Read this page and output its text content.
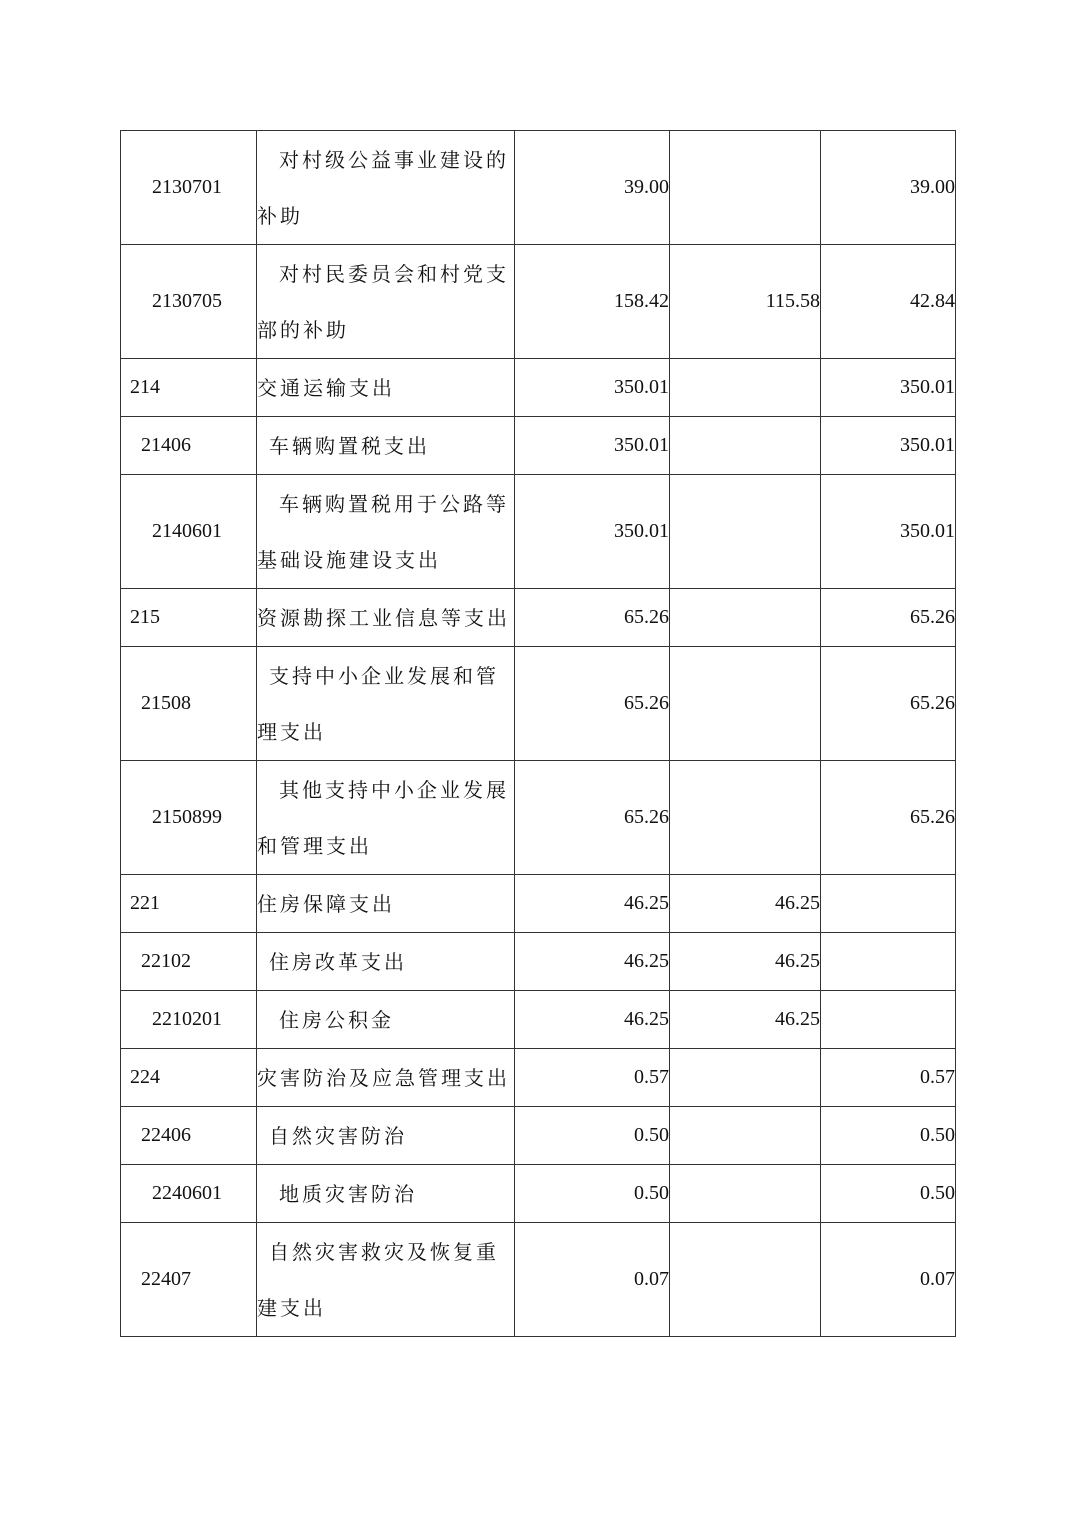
2130701	对村级公益事业建设的补助	39.00		39.00
2130705	对村民委员会和村党支部的补助	158.42	115.58	42.84
214	交通运输支出	350.01		350.01
21406	车辆购置税支出	350.01		350.01
2140601	车辆购置税用于公路等基础设施建设支出	350.01		350.01
215	资源勘探工业信息等支出	65.26		65.26
21508	支持中小企业发展和管理支出	65.26		65.26
2150899	其他支持中小企业发展和管理支出	65.26		65.26
221	住房保障支出	46.25	46.25	
22102	住房改革支出	46.25	46.25	
2210201	住房公积金	46.25	46.25	
224	灾害防治及应急管理支出	0.57		0.57
22406	自然灾害防治	0.50		0.50
2240601	地质灾害防治	0.50		0.50
22407	自然灾害救灾及恢复重建支出	0.07		0.07
